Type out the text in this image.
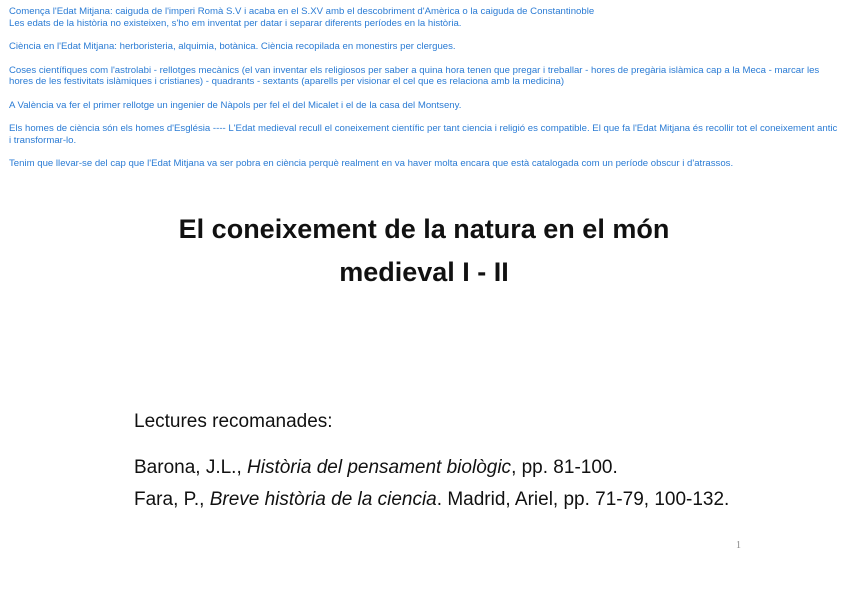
Comença l'Edat Mitjana: caiguda de l'imperi Romà S.V i acaba en el S.XV amb el descobriment d'Amèrica o la caiguda de Constantinoble
Les edats de la història no existeixen, s'ho em inventat per datar i separar diferents períodes en la història.
Ciència en l'Edat Mitjana: herboristeria, alquimia, botànica. Ciència recopilada en monestirs per clergues.
Coses científiques com l'astrolabi - rellotges mecànics (el van inventar els religiosos per saber a quina hora tenen que pregar i treballar - hores de pregària islàmica cap a la Meca - marcar les hores de les festivitats islàmiques i cristianes) - quadrants - sextants (aparells per visionar el cel que es relaciona amb la medicina)
A València va fer el primer rellotge un ingenier de Nàpols per fel el del Micalet i el de la casa del Montseny.
Els homes de ciència són els homes d'Església ---- L'Edat medieval recull el coneixement científic per tant ciencia i religió es compatible. El que fa l'Edat Mitjana és recollir tot el coneixement antic i transformar-lo.
Tenim que llevar-se del cap que l'Edat Mitjana va ser pobra en ciència perquè realment en va haver molta encara que està catalogada com un període obscur i d'atrassos.
El coneixement de la natura en el món
medieval I - II
Lectures recomanades:
Barona, J.L., Història del pensament biològic, pp. 81-100.
Fara, P., Breve història de la ciencia. Madrid, Ariel, pp. 71-79, 100-132.
1
